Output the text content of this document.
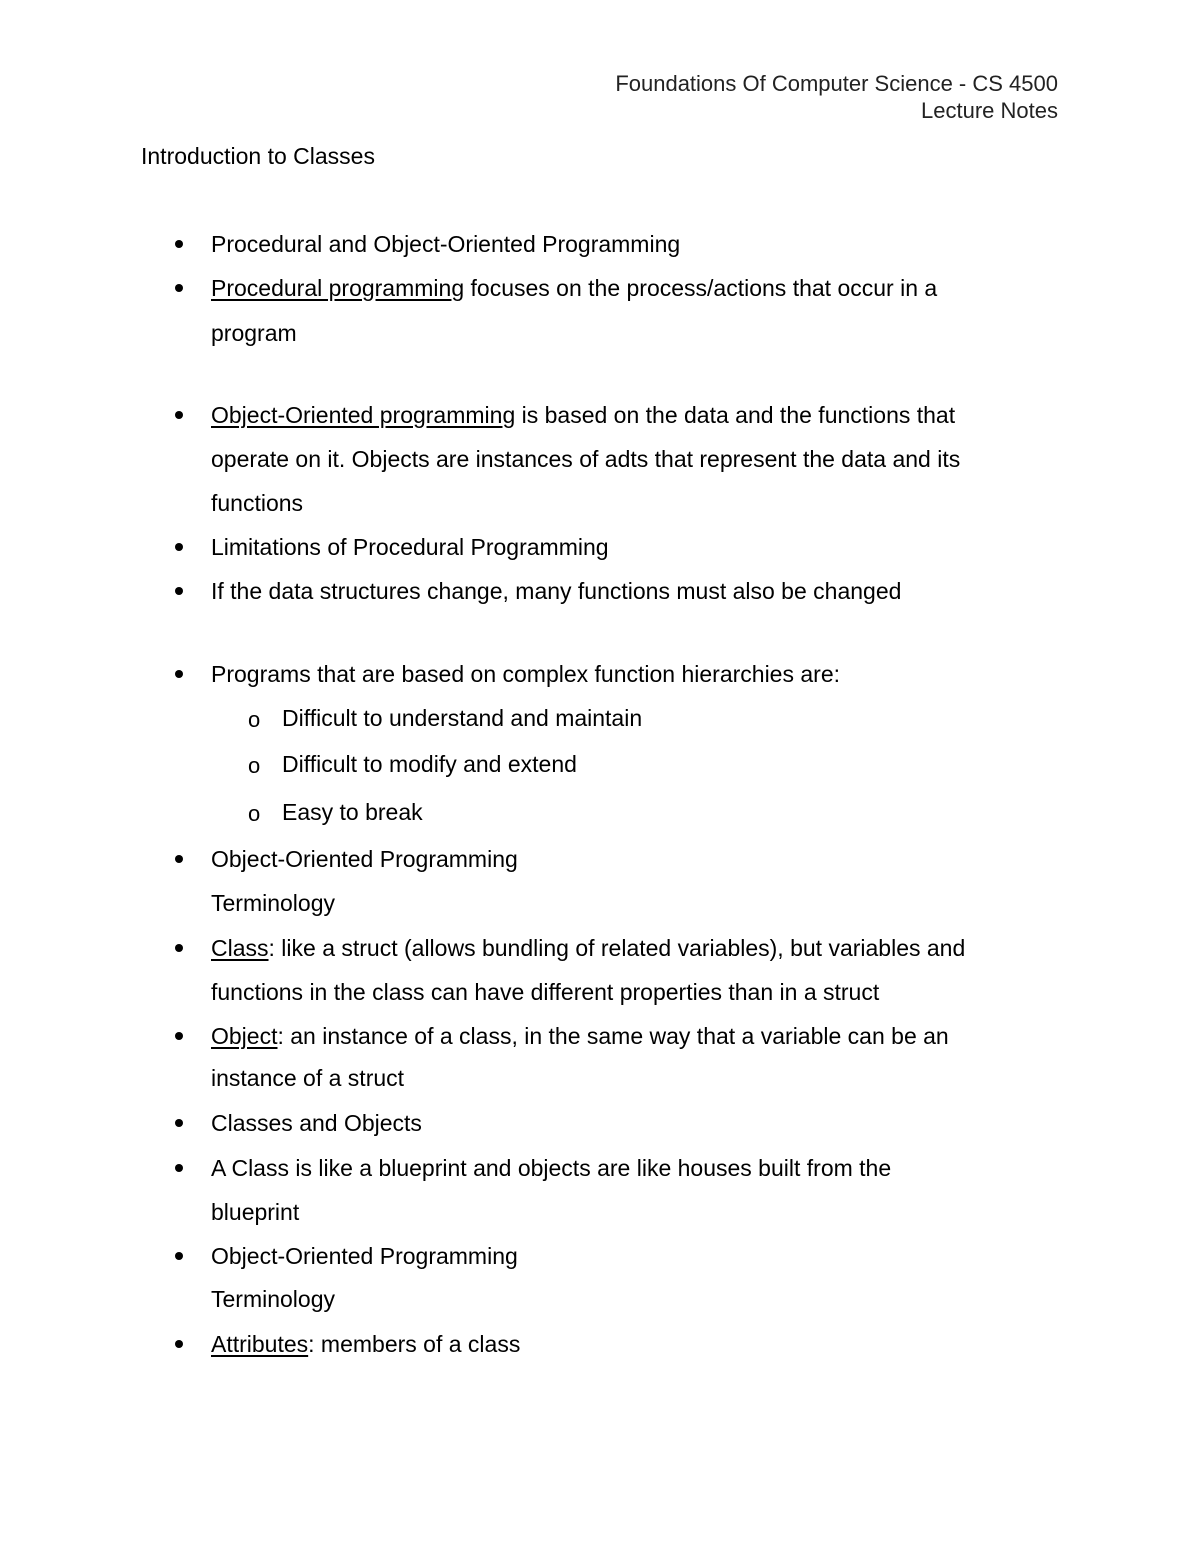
Foundations Of Computer Science - CS 4500
Lecture Notes
Introduction to Classes
Procedural and Object-Oriented Programming
Procedural programming focuses on the process/actions that occur in a
program
Object-Oriented programming is based on the data and the functions that
operate on it. Objects are instances of adts that represent the data and its
functions
Limitations of Procedural Programming
If the data structures change, many functions must also be changed
Programs that are based on complex function hierarchies are:
o Difficult to understand and maintain
o Difficult to modify and extend
o Easy to break
Object-Oriented Programming
Terminology
Class: like a struct (allows bundling of related variables), but variables and
functions in the class can have different properties than in a struct
Object: an instance of a class, in the same way that a variable can be an
instance of a struct
Classes and Objects
A Class is like a blueprint and objects are like houses built from the
blueprint
Object-Oriented Programming
Terminology
Attributes: members of a class
